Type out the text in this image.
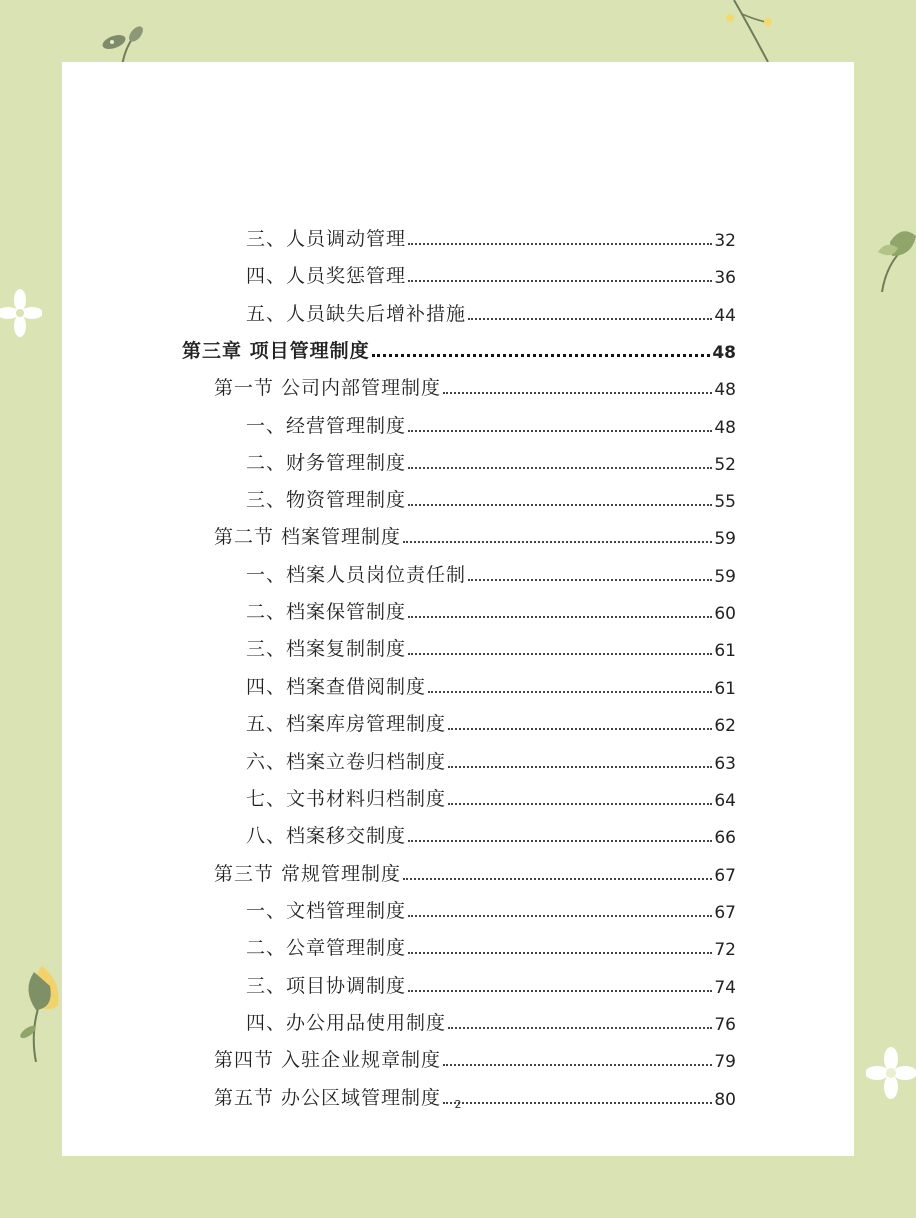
三、人员调动管理	32
四、人员奖惩管理	36
五、人员缺失后增补措施	44
第三章 项目管理制度	48
第一节 公司内部管理制度	48
一、经营管理制度	48
二、财务管理制度	52
三、物资管理制度	55
第二节 档案管理制度	59
一、档案人员岗位责任制	59
二、档案保管制度	60
三、档案复制制度	61
四、档案查借阅制度	61
五、档案库房管理制度	62
六、档案立卷归档制度	63
七、文书材料归档制度	64
八、档案移交制度	66
第三节 常规管理制度	67
一、文档管理制度	67
二、公章管理制度	72
三、项目协调制度	74
四、办公用品使用制度	76
第四节 入驻企业规章制度	79
第五节 办公区域管理制度	80
2
